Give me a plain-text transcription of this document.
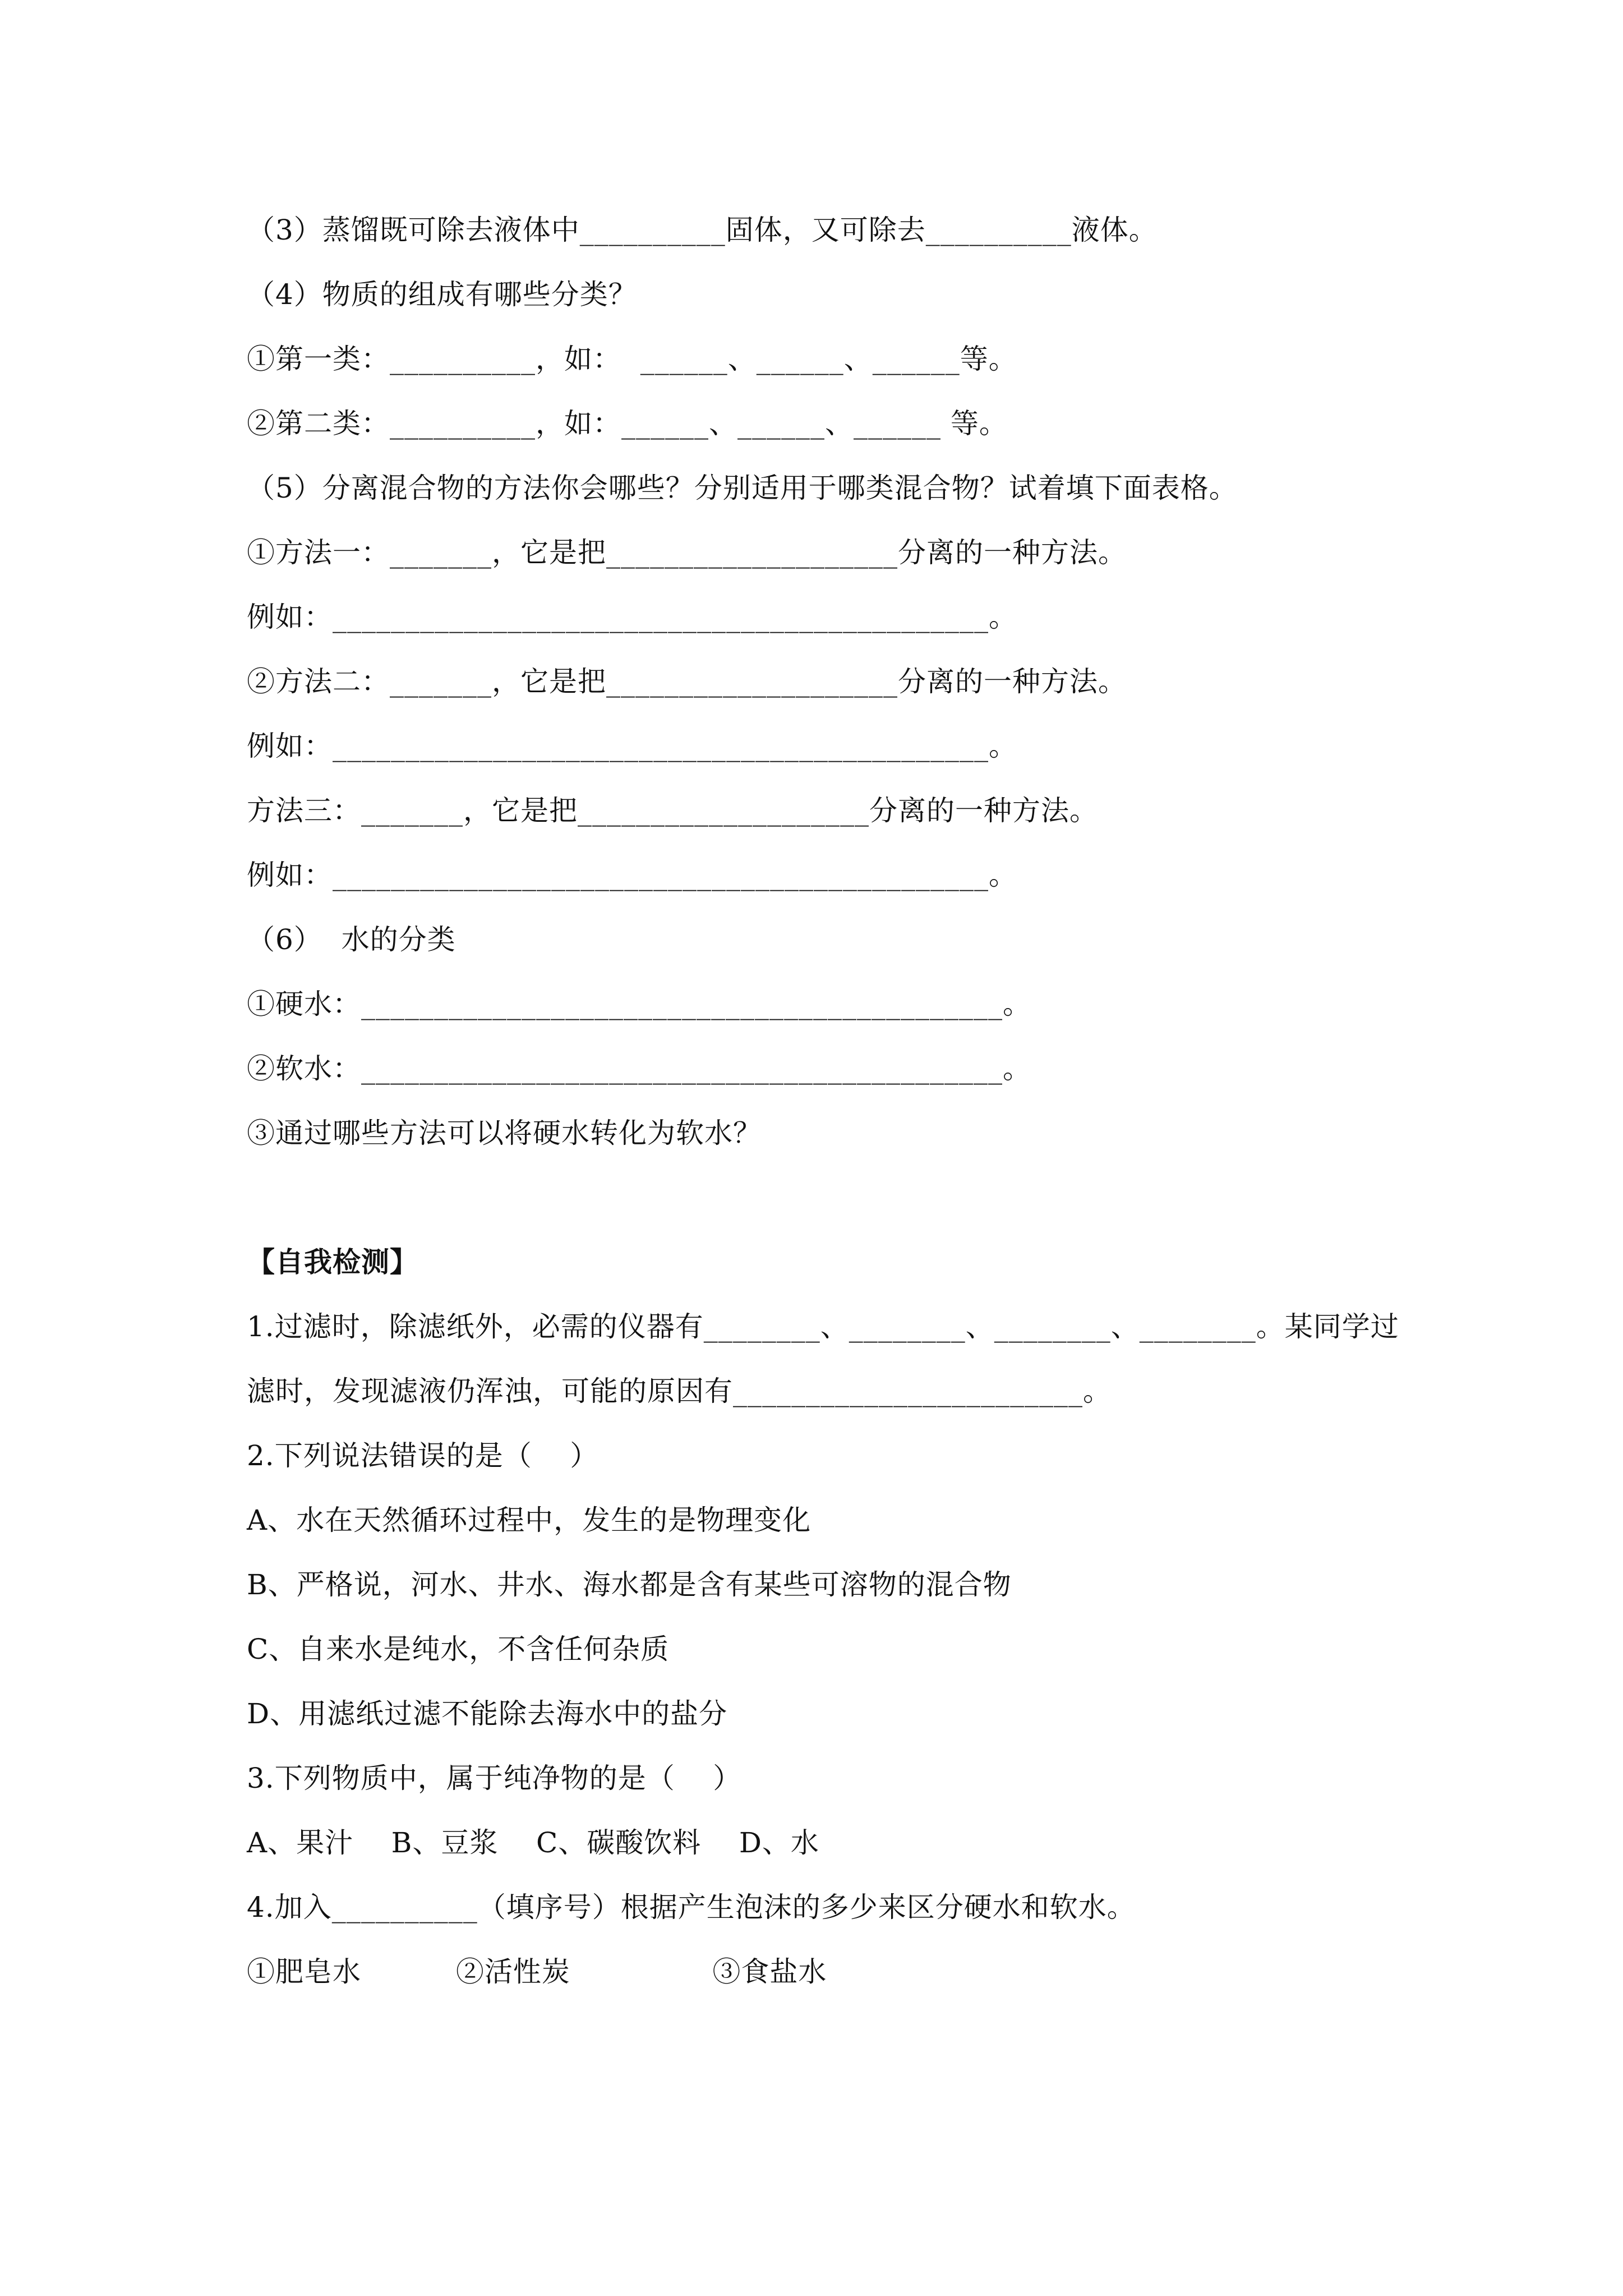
（3）蒸馏既可除去液体中__________固体，又可除去__________液体。
（4）物质的组成有哪些分类？
①第一类：__________，如：  ______、______、______等。
②第二类：__________，如：______、______、______ 等。
（5）分离混合物的方法你会哪些？分别适用于哪类混合物？试着填下面表格。
①方法一：_______，它是把____________________分离的一种方法。
例如：_____________________________________________。
②方法二：_______，它是把____________________分离的一种方法。
例如：_____________________________________________。
方法三：_______，它是把____________________分离的一种方法。
例如：_____________________________________________。
（6）  水的分类
①硬水：____________________________________________。
②软水：____________________________________________。
③通过哪些方法可以将硬水转化为软水？
【自我检测】
1.过滤时，除滤纸外，必需的仪器有________、________、________、________。某同学过
滤时，发现滤液仍浑浊，可能的原因有________________________。
2.下列说法错误的是（    ）
A、水在天然循环过程中，发生的是物理变化
B、严格说，河水、井水、海水都是含有某些可溶物的混合物
C、自来水是纯水，不含任何杂质
D、用滤纸过滤不能除去海水中的盐分
3.下列物质中，属于纯净物的是（    ）
A、果汁    B、豆浆    C、碳酸饮料    D、水
4.加入__________（填序号）根据产生泡沫的多少来区分硬水和软水。
①肥皂水          ②活性炭               ③食盐水
